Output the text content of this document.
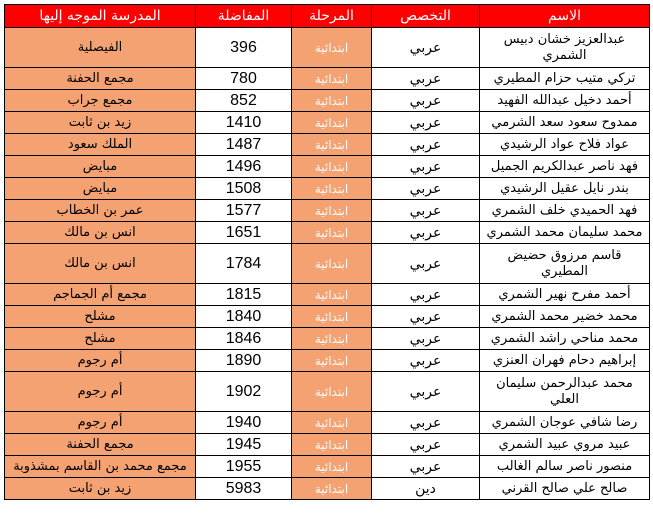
الاسم	التخصص	المرحلة	المفاضلة	المدرسة الموجه إليها
عبدالعزيز خشان دبيس الشمري	عربي	ابتدائية	396	الفيصلية
تركي متيب حزام المطيري	عربي	ابتدائية	780	مجمع الحفنة
أحمد دخيل عبدالله الفهيد	عربي	ابتدائية	852	مجمع جراب
ممدوح سعود سعد الشرمي	عربي	ابتدائية	1410	زيد بن ثابت
عواد فلاح عواد الرشيدي	عربي	ابتدائية	1487	الملك سعود
فهد ناصر عبدالكريم الجميل	عربي	ابتدائية	1496	مبايض
بندر نايل عقيل الرشيدي	عربي	ابتدائية	1508	مبايض
فهد الحميدي خلف الشمري	عربي	ابتدائية	1577	عمر بن الخطاب
محمد سليمان محمد الشمري	عربي	ابتدائية	1651	انس بن مالك
قاسم مرزوق حضيض المطيري	عربي	ابتدائية	1784	انس بن مالك
أحمد مفرح نهير الشمري	عربي	ابتدائية	1815	مجمع أم الجماجم
محمد خضير محمد الشمري	عربي	ابتدائية	1840	مشلح
محمد مناحي راشد الشمري	عربي	ابتدائية	1846	مشلح
إبراهيم دحام فهران العنزي	عربي	ابتدائية	1890	أم رجوم
محمد عبدالرحمن سليمان العلي	عربي	ابتدائية	1902	أم رجوم
رضا شافي عوجان الشمري	عربي	ابتدائية	1940	أم رجوم
عبيد مروي عبيد الشمري	عربي	ابتدائية	1945	مجمع الحفنة
منصور ناصر سالم الغالب	عربي	ابتدائية	1955	مجمع محمد بن القاسم بمشذوبة
صالح علي صالح القرني	دين	ابتدائية	5983	زيد بن ثابت
